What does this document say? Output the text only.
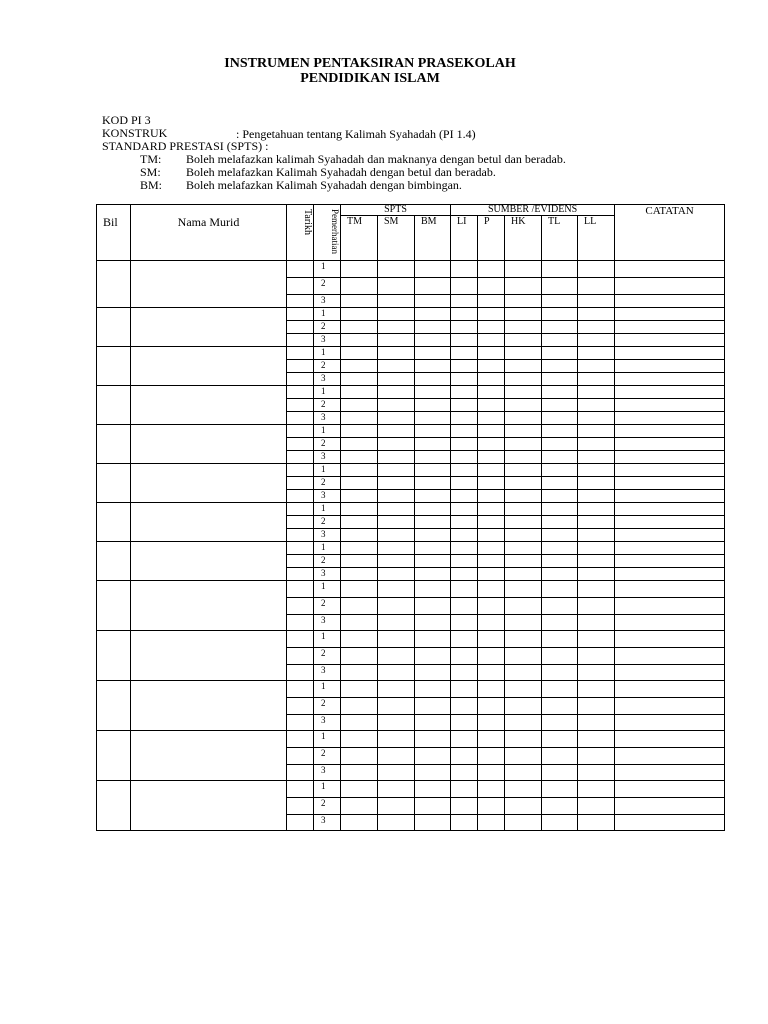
INSTRUMEN PENTAKSIRAN PRASEKOLAH
PENDIDIKAN ISLAM
KOD PI 3
KONSTRUK	: Pengetahuan tentang Kalimah Syahadah (PI 1.4)
STANDARD PRESTASI (SPTS) :
TM: Boleh melafazkan kalimah Syahadah dan maknanya dengan betul dan beradab.
SM: Boleh melafazkan Kalimah Syahadah dengan betul dan beradab.
BM: Boleh melafazkan Kalimah Syahadah dengan bimbingan.
Bil	Nama Murid	Tarikh	Pemerhatian	SPTS			SUMBER /EVIDENS					CATATAN
				TM	SM	BM	LI	P	HK	TL	LL	
			1									
			2									
			3									
			1									
			2									
			3									
			1									
			2									
			3									
			1									
			2									
			3									
			1									
			2									
			3									
			1									
			2									
			3									
			1									
			2									
			3									
			1									
			2									
			3									
			1									
			2									
			3									
			1									
			2									
			3									
			1									
			2									
			3									
			1									
			2									
			3									
			1									
			2									
			3									
